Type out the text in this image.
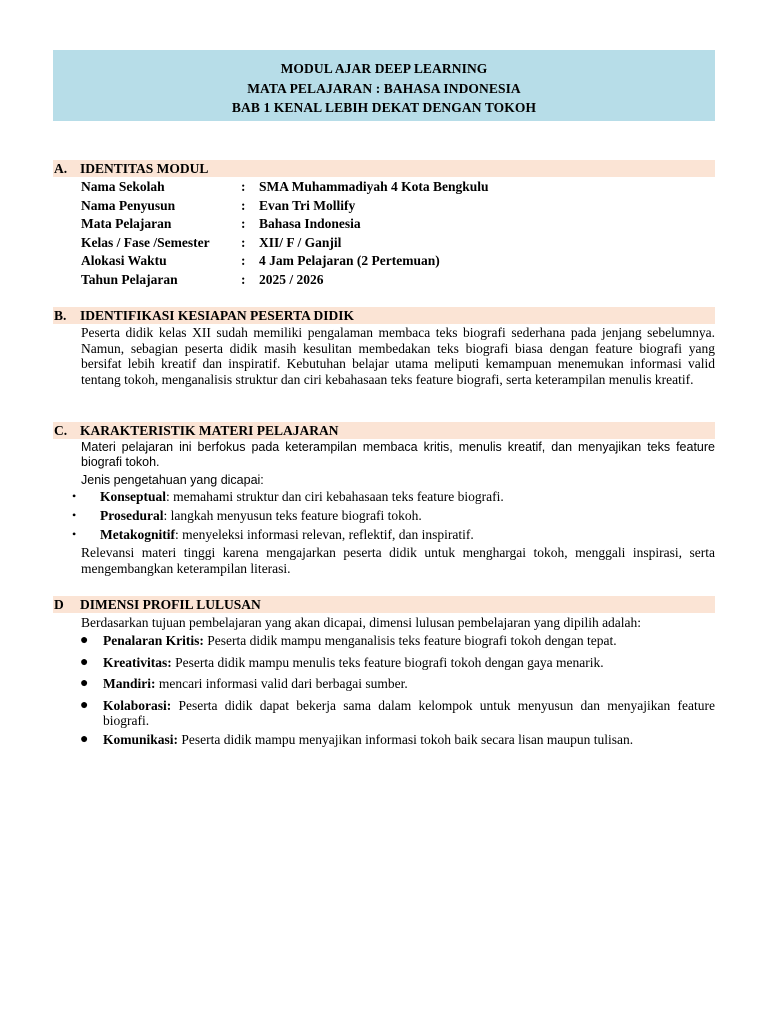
MODUL AJAR DEEP LEARNING
MATA PELAJARAN : BAHASA INDONESIA
BAB 1 KENAL LEBIH DEKAT DENGAN TOKOH
A. IDENTITAS MODUL
Nama Sekolah	: SMA Muhammadiyah 4 Kota Bengkulu
Nama Penyusun	: Evan Tri Mollify
Mata Pelajaran	: Bahasa Indonesia
Kelas / Fase /Semester : XII/ F / Ganjil
Alokasi Waktu	: 4 Jam Pelajaran (2 Pertemuan)
Tahun Pelajaran	: 2025 / 2026
B. IDENTIFIKASI KESIAPAN PESERTA DIDIK
Peserta didik kelas XII sudah memiliki pengalaman membaca teks biografi sederhana pada jenjang sebelumnya. Namun, sebagian peserta didik masih kesulitan membedakan teks biografi biasa dengan feature biografi yang bersifat lebih kreatif dan inspiratif. Kebutuhan belajar utama meliputi kemampuan menemukan informasi valid tentang tokoh, menganalisis struktur dan ciri kebahasaan teks feature biografi, serta keterampilan menulis kreatif.
C. KARAKTERISTIK MATERI PELAJARAN
Materi pelajaran ini berfokus pada keterampilan membaca kritis, menulis kreatif, dan menyajikan teks feature biografi tokoh.
Jenis pengetahuan yang dicapai:
• Konseptual: memahami struktur dan ciri kebahasaan teks feature biografi.
• Prosedural: langkah menyusun teks feature biografi tokoh.
• Metakognitif: menyeleksi informasi relevan, reflektif, dan inspiratif.
Relevansi materi tinggi karena mengajarkan peserta didik untuk menghargai tokoh, menggali inspirasi, serta mengembangkan keterampilan literasi.
D DIMENSI PROFIL LULUSAN
Berdasarkan tujuan pembelajaran yang akan dicapai, dimensi lulusan pembelajaran yang dipilih adalah:
● Penalaran Kritis: Peserta didik mampu menganalisis teks feature biografi tokoh dengan tepat.
● Kreativitas: Peserta didik mampu menulis teks feature biografi tokoh dengan gaya menarik.
● Mandiri: mencari informasi valid dari berbagai sumber.
● Kolaborasi: Peserta didik dapat bekerja sama dalam kelompok untuk menyusun dan menyajikan feature biografi.
● Komunikasi: Peserta didik mampu menyajikan informasi tokoh baik secara lisan maupun tulisan.
